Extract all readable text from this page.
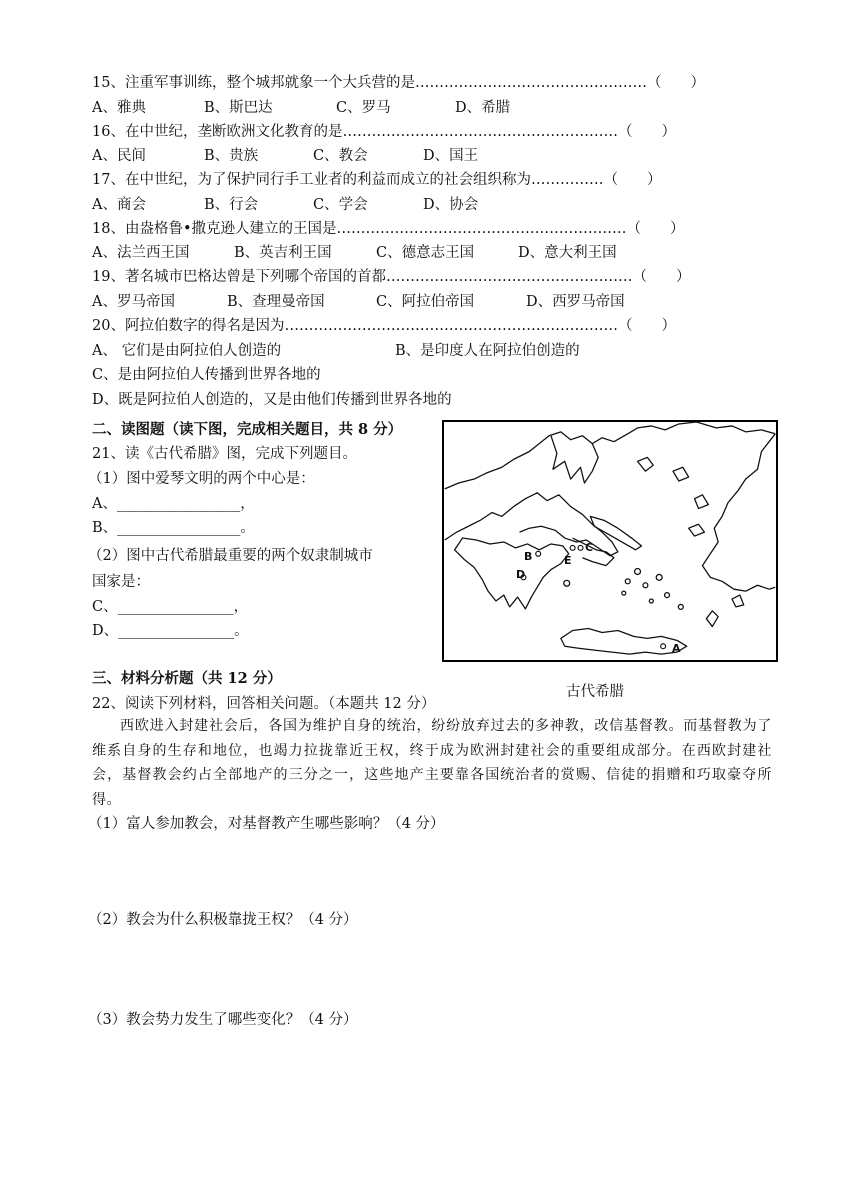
15、注重军事训练，整个城邦就象一个大兵营的是…………………………………………（　　）
A、雅典	B、斯巴达	C、罗马	D、希腊
16、在中世纪，垄断欧洲文化教育的是…………………………………………………（　　）
A、民间	B、贵族	C、教会	D、国王
17、在中世纪，为了保护同行手工业者的利益而成立的社会组织称为……………（　　）
A、商会	B、行会	C、学会	D、协会
18、由盎格鲁•撒克逊人建立的王国是……………………………………………………（　　）
A、法兰西王国	B、英吉利王国	C、德意志王国	D、意大利王国
19、著名城市巴格达曾是下列哪个帝国的首都……………………………………………（　　）
A、罗马帝国	B、查理曼帝国	C、阿拉伯帝国	D、西罗马帝国
20、阿拉伯数字的得名是因为……………………………………………………………（　　）
A、 它们是由阿拉伯人创造的	B、是印度人在阿拉伯创造的
C、是由阿拉伯人传播到世界各地的
D、既是阿拉伯人创造的，又是由他们传播到世界各地的
二、读图题（读下图，完成相关题目，共 8 分）
21、读《古代希腊》图，完成下列题目。
（1）图中爱琴文明的两个中心是：
A、_________________，
B、_________________。
（2）图中古代希腊最重要的两个奴隶制城市
国家是：
C、________________，
D、________________。
B
C
E
D
A
古代希腊
三、材料分析题（共 12 分）
22、阅读下列材料，回答相关问题。（本题共 12 分）
西欧进入封建社会后，各国为维护自身的统治，纷纷放弃过去的多神教，改信基督教。而基督教为了维系自身的生存和地位，也竭力拉拢靠近王权，终于成为欧洲封建社会的重要组成部分。在西欧封建社会，基督教会约占全部地产的三分之一，这些地产主要靠各国统治者的赏赐、信徒的捐赠和巧取豪夺所得。
（1）富人参加教会，对基督教产生哪些影响？（4 分）
（2）教会为什么积极靠拢王权？（4 分）
（3）教会势力发生了哪些变化？（4 分）
